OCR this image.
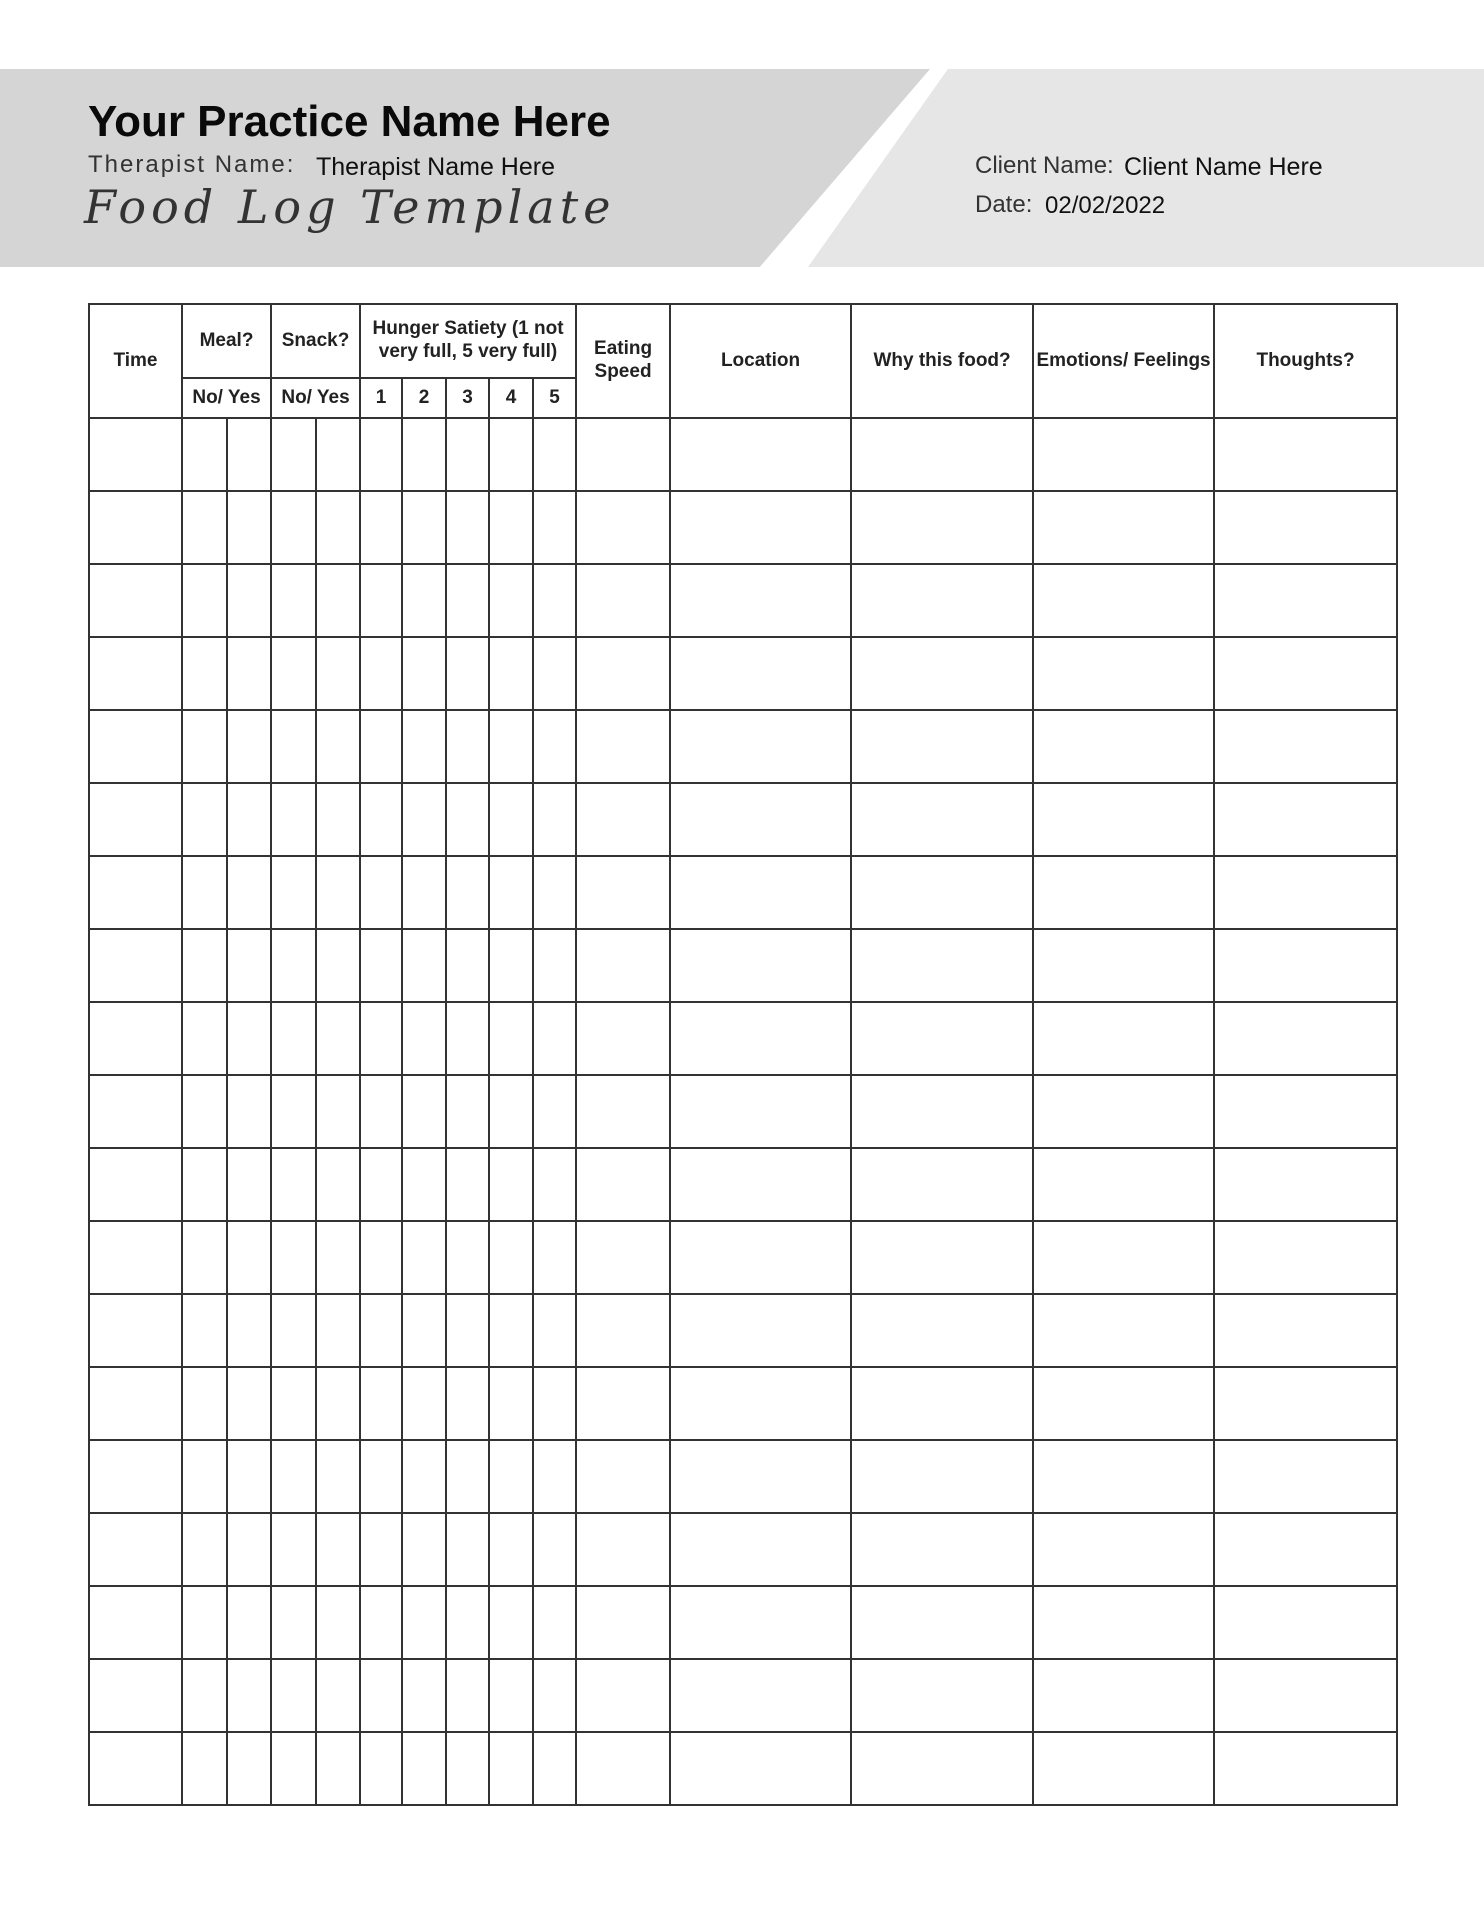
Your Practice Name Here
Therapist Name: Therapist Name Here
Food Log Template
Client Name: Client Name Here
Date: 02/02/2022
Time	Meal?		Snack?		Hunger Satiety (1 not very full, 5 very full)					Eating Speed	Location	Why this food?	Emotions/ Feelings	Thoughts?
	No/ Yes		No/ Yes		1	2	3	4	5					
